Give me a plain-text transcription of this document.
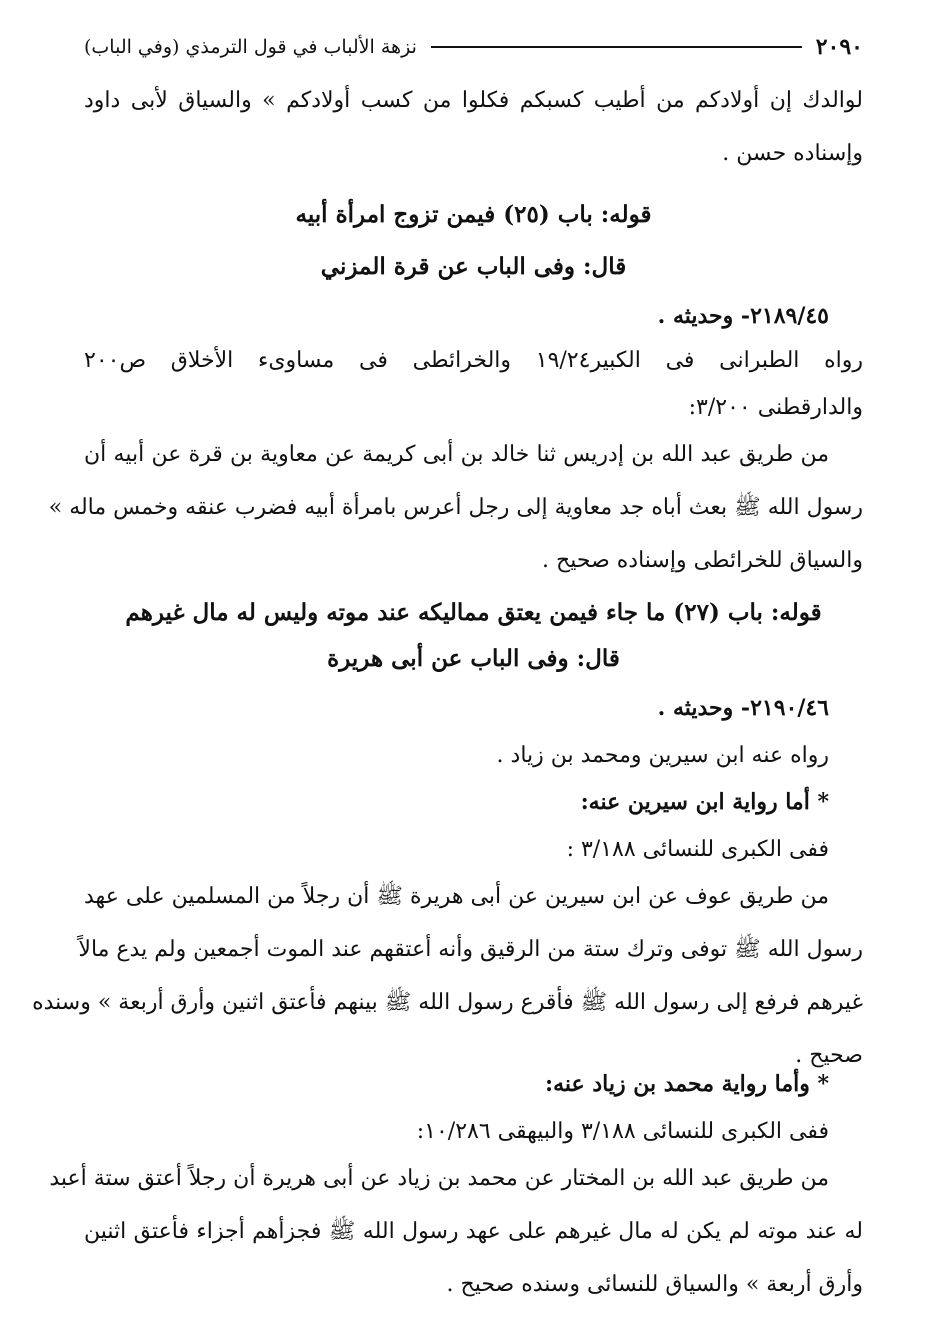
٢٠٩٠
نزهة الألباب في قول الترمذي (وفي الباب)
لوالدك إن أولادكم من أطيب كسبكم فكلوا من كسب أولادكم » والسياق لأبى داود
وإسناده حسن .
قوله: باب (٢٥) فيمن تزوج امرأة أبيه
قال: وفى الباب عن قرة المزني
٢١٨٩/٤٥- وحديثه .
رواه الطبرانى فى الكبير١٩/٢٤ والخرائطى فى مساوىء الأخلاق ص٢٠٠
والدارقطنى ٣/٢٠٠:
من طريق عبد الله بن إدريس ثنا خالد بن أبى كريمة عن معاوية بن قرة عن أبيه أن
رسول الله ﷺ بعث أباه جد معاوية إلى رجل أعرس بامرأة أبيه فضرب عنقه وخمس ماله »
والسياق للخرائطى وإسناده صحيح .
قوله: باب (٢٧) ما جاء فيمن يعتق مماليكه عند موته وليس له مال غيرهم
قال: وفى الباب عن أبى هريرة
٢١٩٠/٤٦- وحديثه .
رواه عنه ابن سيرين ومحمد بن زياد .
* أما رواية ابن سيرين عنه:
ففى الكبرى للنسائى ٣/١٨٨ :
من طريق عوف عن ابن سيرين عن أبى هريرة ﷺ أن رجلاً من المسلمين على عهد
رسول الله ﷺ توفى وترك ستة من الرقيق وأنه أعتقهم عند الموت أجمعين ولم يدع مالاً
غيرهم فرفع إلى رسول الله ﷺ فأقرع رسول الله ﷺ بينهم فأعتق اثنين وأرق أربعة » وسنده
صحيح .
* وأما رواية محمد بن زياد عنه:
ففى الكبرى للنسائى ٣/١٨٨ والبيهقى ١٠/٢٨٦:
من طريق عبد الله بن المختار عن محمد بن زياد عن أبى هريرة أن رجلاً أعتق ستة أعبد
له عند موته لم يكن له مال غيرهم على عهد رسول الله ﷺ فجزأهم أجزاء فأعتق اثنين
وأرق أربعة » والسياق للنسائى وسنده صحيح .
